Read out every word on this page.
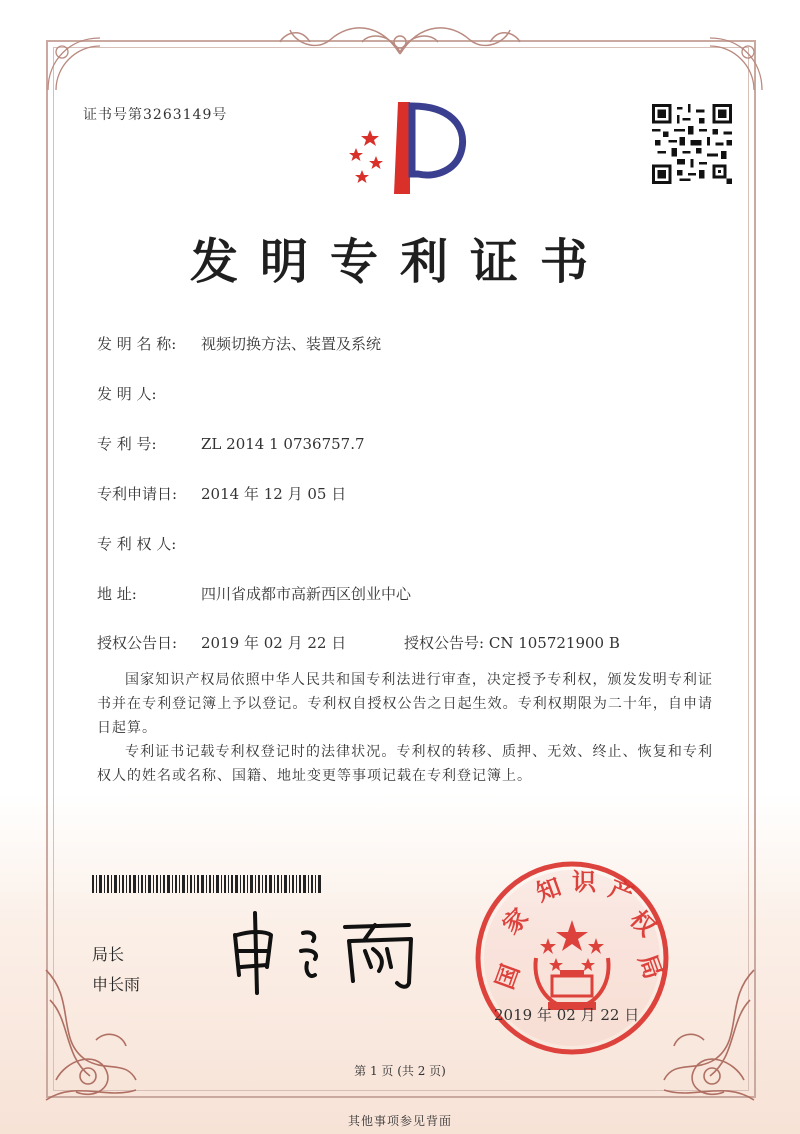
证书号第3263149号
发明专利证书
发 明 名 称: 视频切换方法、装置及系统
发 明 人:
专 利 号:	ZL 2014 1 0736757.7
专利申请日: 2014 年 12 月 05 日
专 利 权 人:
地 址:	四川省成都市高新西区创业中心
授权公告日: 2019 年 02 月 22 日	授权公告号: CN 105721900 B
国家知识产权局依照中华人民共和国专利法进行审查，决定授予专利权，颁发发明专利证书并在专利登记簿上予以登记。专利权自授权公告之日起生效。专利权期限为二十年，自申请日起算。
专利证书记载专利权登记时的法律状况。专利权的转移、质押、无效、终止、恢复和专利权人的姓名或名称、国籍、地址变更等事项记载在专利登记簿上。
局长
申长雨	国
家
知 识 产
权
局
2019 年 02 月 22 日
第 1 页 (共 2 页)
其他事项参见背面
